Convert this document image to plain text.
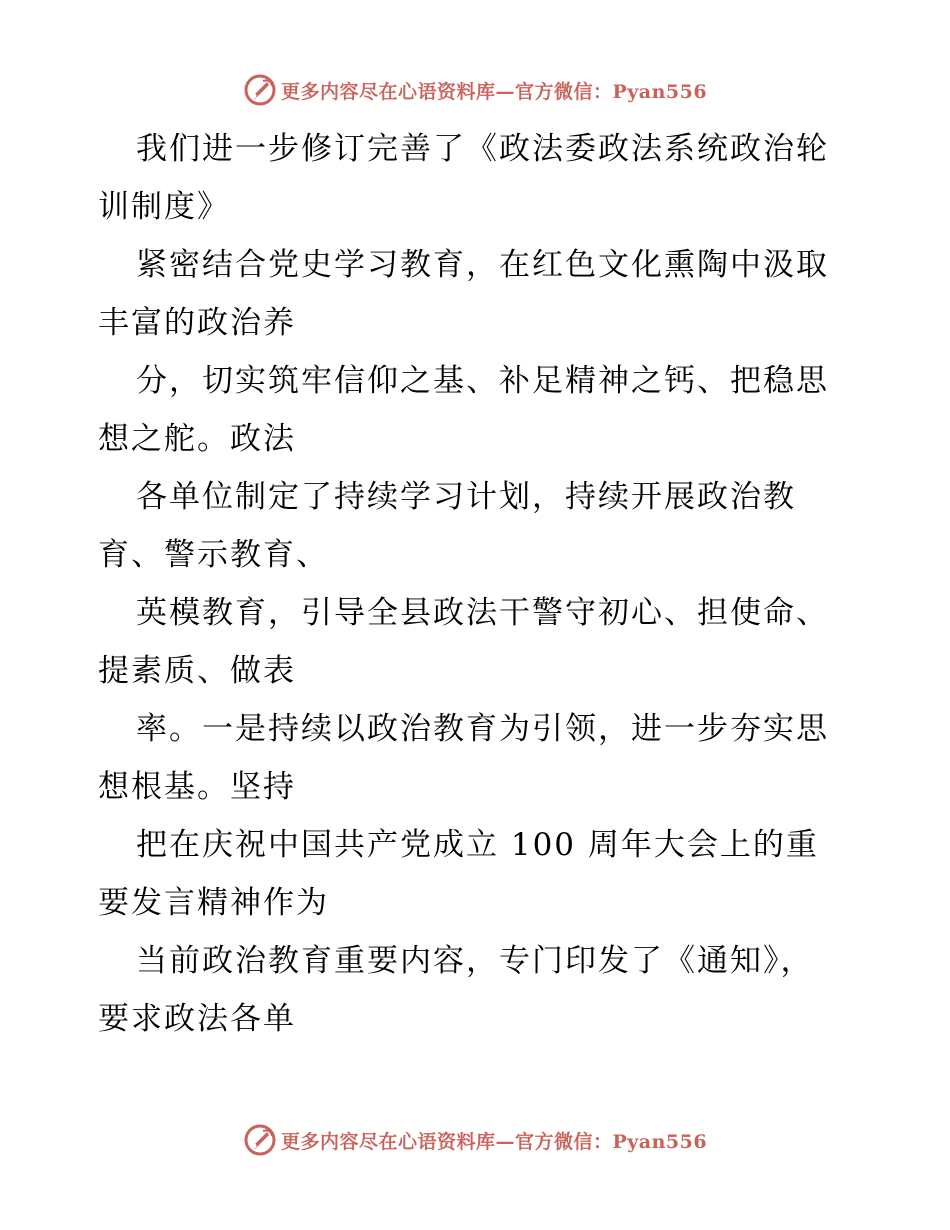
更多内容尽在心语资料库—官方微信：Pyan556
我们进一步修订完善了《政法委政法系统政治轮
训制度》
紧密结合党史学习教育，在红色文化熏陶中汲取
丰富的政治养
分，切实筑牢信仰之基、补足精神之钙、把稳思
想之舵。政法
各单位制定了持续学习计划，持续开展政治教
育、警示教育、
英模教育，引导全县政法干警守初心、担使命、
提素质、做表
率。一是持续以政治教育为引领，进一步夯实思
想根基。坚持
把在庆祝中国共产党成立 100 周年大会上的重
要发言精神作为
当前政治教育重要内容，专门印发了《通知》，
要求政法各单
更多内容尽在心语资料库—官方微信：Pyan556
